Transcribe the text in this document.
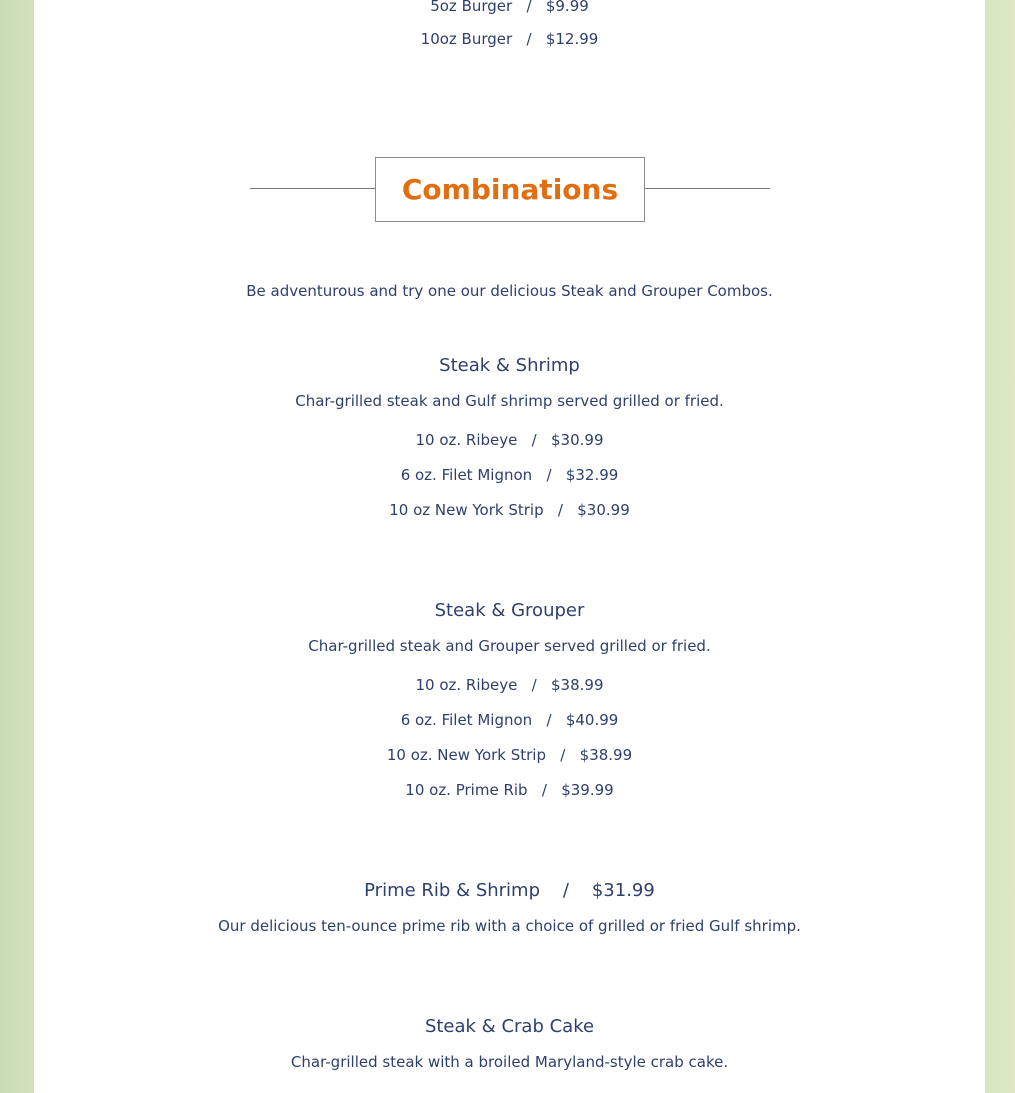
5oz Burger   /   $9.99
10oz Burger   /   $12.99
Combinations
Be adventurous and try one our delicious Steak and Grouper Combos.
Steak & Shrimp
Char-grilled steak and Gulf shrimp served grilled or fried.
10 oz. Ribeye   /   $30.99
6 oz. Filet Mignon   /   $32.99
10 oz New York Strip   /   $30.99
Steak & Grouper
Char-grilled steak and Grouper served grilled or fried.
10 oz. Ribeye   /   $38.99
6 oz. Filet Mignon   /   $40.99
10 oz. New York Strip   /   $38.99
10 oz. Prime Rib   /   $39.99
Prime Rib & Shrimp    /    $31.99
Our delicious ten-ounce prime rib with a choice of grilled or fried Gulf shrimp.
Steak & Crab Cake
Char-grilled steak with a broiled Maryland-style crab cake.
